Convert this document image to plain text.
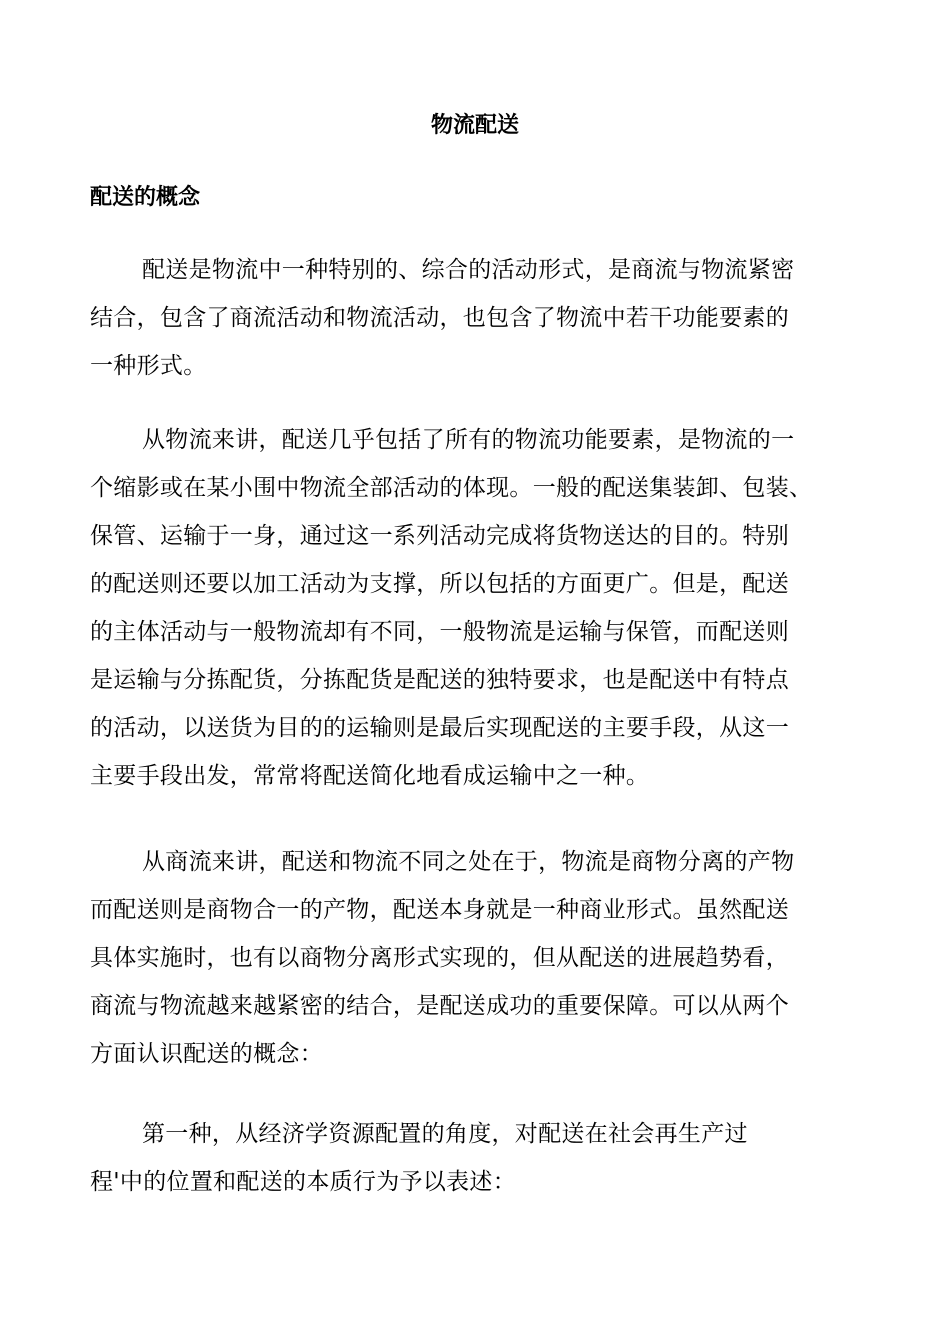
物流配送
配送的概念

配送是物流中一种特别的、综合的活动形式，是商流与物流紧密
结合，包含了商流活动和物流活动，也包含了物流中若干功能要素的
一种形式。

从物流来讲，配送几乎包括了所有的物流功能要素，是物流的一
个缩影或在某小围中物流全部活动的体现。一般的配送集装卸、包装、
保管、运输于一身，通过这一系列活动完成将货物送达的目的。特别
的配送则还要以加工活动为支撑，所以包括的方面更广。但是，配送
的主体活动与一般物流却有不同，一般物流是运输与保管，而配送则
是运输与分拣配货，分拣配货是配送的独特要求，也是配送中有特点
的活动，以送货为目的的运输则是最后实现配送的主要手段，从这一
主要手段出发，常常将配送简化地看成运输中之一种。

从商流来讲，配送和物流不同之处在于，物流是商物分离的产物
而配送则是商物合一的产物，配送本身就是一种商业形式。虽然配送
具体实施时，也有以商物分离形式实现的，但从配送的进展趋势看，
商流与物流越来越紧密的结合，是配送成功的重要保障。可以从两个
方面认识配送的概念：

第一种，从经济学资源配置的角度，对配送在社会再生产过
程'中的位置和配送的本质行为予以表述：
